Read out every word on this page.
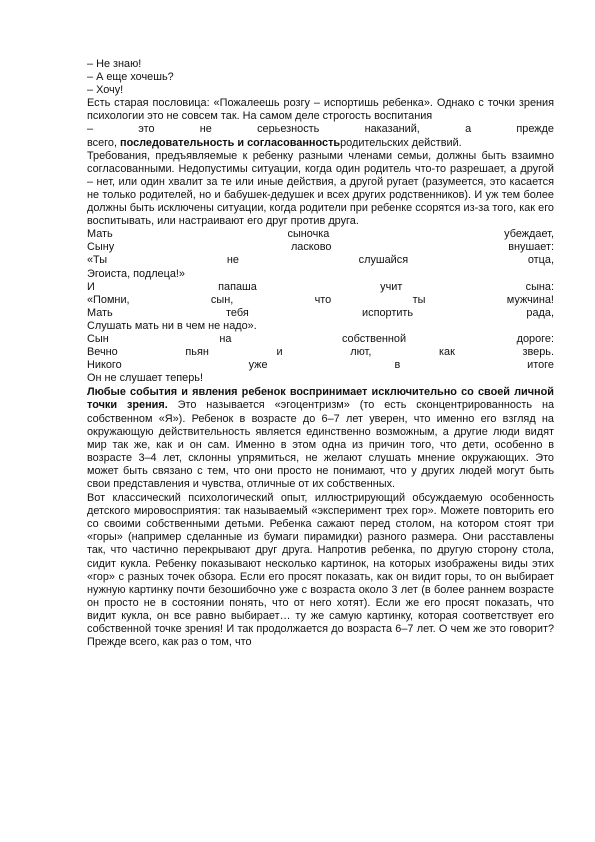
– Не знаю!
– А еще хочешь?
– Хочу!

Есть старая пословица: «Пожалеешь розгу – испортишь ребенка». Однако с точки зрения психологии это не совсем так. На самом деле строгость воспитания

–	это	не	серьезность	наказаний,	а	прежде
всего, последовательность и согласованностьродительских действий.

Требования, предъявляемые к ребенку разными членами семьи, должны быть взаимно согласованными. Недопустимы ситуации, когда один родитель что-то разрешает, а другой – нет, или один хвалит за те или иные действия, а другой ругает (разумеется, это касается не только родителей, но и бабушек-дедушек и всех других родственников). И уж тем более должны быть исключены ситуации, когда родители при ребенке ссорятся из-за того, как его воспитывать, или настраивают его друг против друга.

Мать	сыночка	убеждает,
Сыну	ласково	внушает:
«Ты	не	слушайся	отца,
Эгоиста, подлеца!»
И	папаша	учит	сына:
«Помни,	сын,	что	ты	мужчина!
Мать	тебя	испортить	рада,
Слушать мать ни в чем не надо».
Сын	на	собственной	дороге:
Вечно	пьян	и	лют,	как	зверь.
Никого	уже	в	итоге
Он не слушает теперь!

Любые события и явления ребенок воспринимает исключительно со своей личной точки зрения. Это называется «эгоцентризм» (то есть сконцентрированность на собственном «Я»). Ребенок в возрасте до 6–7 лет уверен, что именно его взгляд на окружающую действительность является единственно возможным, а другие люди видят мир так же, как и он сам. Именно в этом одна из причин того, что дети, особенно в возрасте 3–4 лет, склонны упрямиться, не желают слушать мнение окружающих. Это может быть связано с тем, что они просто не понимают, что у других людей могут быть свои представления и чувства, отличные от их собственных.

Вот классический психологический опыт, иллюстрирующий обсуждаемую особенность детского мировосприятия: так называемый «эксперимент трех гор». Можете повторить его со своими собственными детьми. Ребенка сажают перед столом, на котором стоят три «горы» (например сделанные из бумаги пирамидки) разного размера. Они расставлены так, что частично перекрывают друг друга. Напротив ребенка, по другую сторону стола, сидит кукла. Ребенку показывают несколько картинок, на которых изображены виды этих «гор» с разных точек обзора. Если его просят показать, как он видит горы, то он выбирает нужную картинку почти безошибочно уже с возраста около 3 лет (в более раннем возрасте он просто не в состоянии понять, что от него хотят). Если же его просят показать, что видит кукла, он все равно выбирает… ту же самую картинку, которая соответствует его собственной точке зрения! И так продолжается до возраста 6–7 лет. О чем же это говорит? Прежде всего, как раз о том, что
